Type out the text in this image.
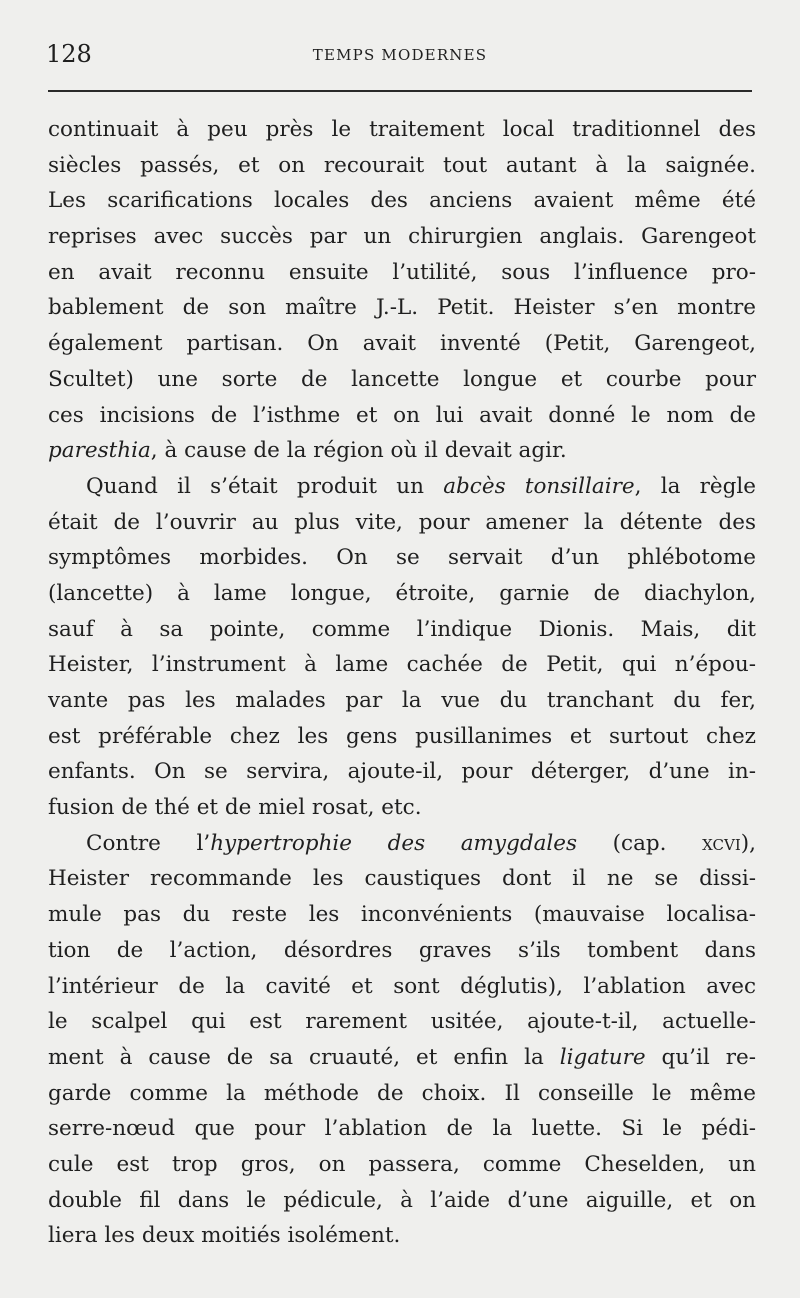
128	TEMPS MODERNES
continuait à peu près le traitement local traditionnel des
siècles passés, et on recourait tout autant à la saignée.
Les scarifications locales des anciens avaient même été
reprises avec succès par un chirurgien anglais. Garengeot
en avait reconnu ensuite l’utilité, sous l’influence pro-
bablement de son maître J.-L. Petit. Heister s’en montre
également partisan. On avait inventé (Petit, Garengeot,
Scultet) une sorte de lancette longue et courbe pour
ces incisions de l’isthme et on lui avait donné le nom de
paresthia, à cause de la région où il devait agir.
Quand il s’était produit un abcès tonsillaire, la règle
était de l’ouvrir au plus vite, pour amener la détente des
symptômes morbides. On se servait d’un phlébotome
(lancette) à lame longue, étroite, garnie de diachylon,
sauf à sa pointe, comme l’indique Dionis. Mais, dit
Heister, l’instrument à lame cachée de Petit, qui n’épou-
vante pas les malades par la vue du tranchant du fer,
est préférable chez les gens pusillanimes et surtout chez
enfants. On se servira, ajoute-il, pour déterger, d’une in-
fusion de thé et de miel rosat, etc.
Contre l’hypertrophie des amygdales (cap. xcvi),
Heister recommande les caustiques dont il ne se dissi-
mule pas du reste les inconvénients (mauvaise localisa-
tion de l’action, désordres graves s’ils tombent dans
l’intérieur de la cavité et sont déglutis), l’ablation avec
le scalpel qui est rarement usitée, ajoute-t-il, actuelle-
ment à cause de sa cruauté, et enfin la ligature qu’il re-
garde comme la méthode de choix. Il conseille le même
serre-nœud que pour l’ablation de la luette. Si le pédi-
cule est trop gros, on passera, comme Cheselden, un
double fil dans le pédicule, à l’aide d’une aiguille, et on
liera les deux moitiés isolément.
